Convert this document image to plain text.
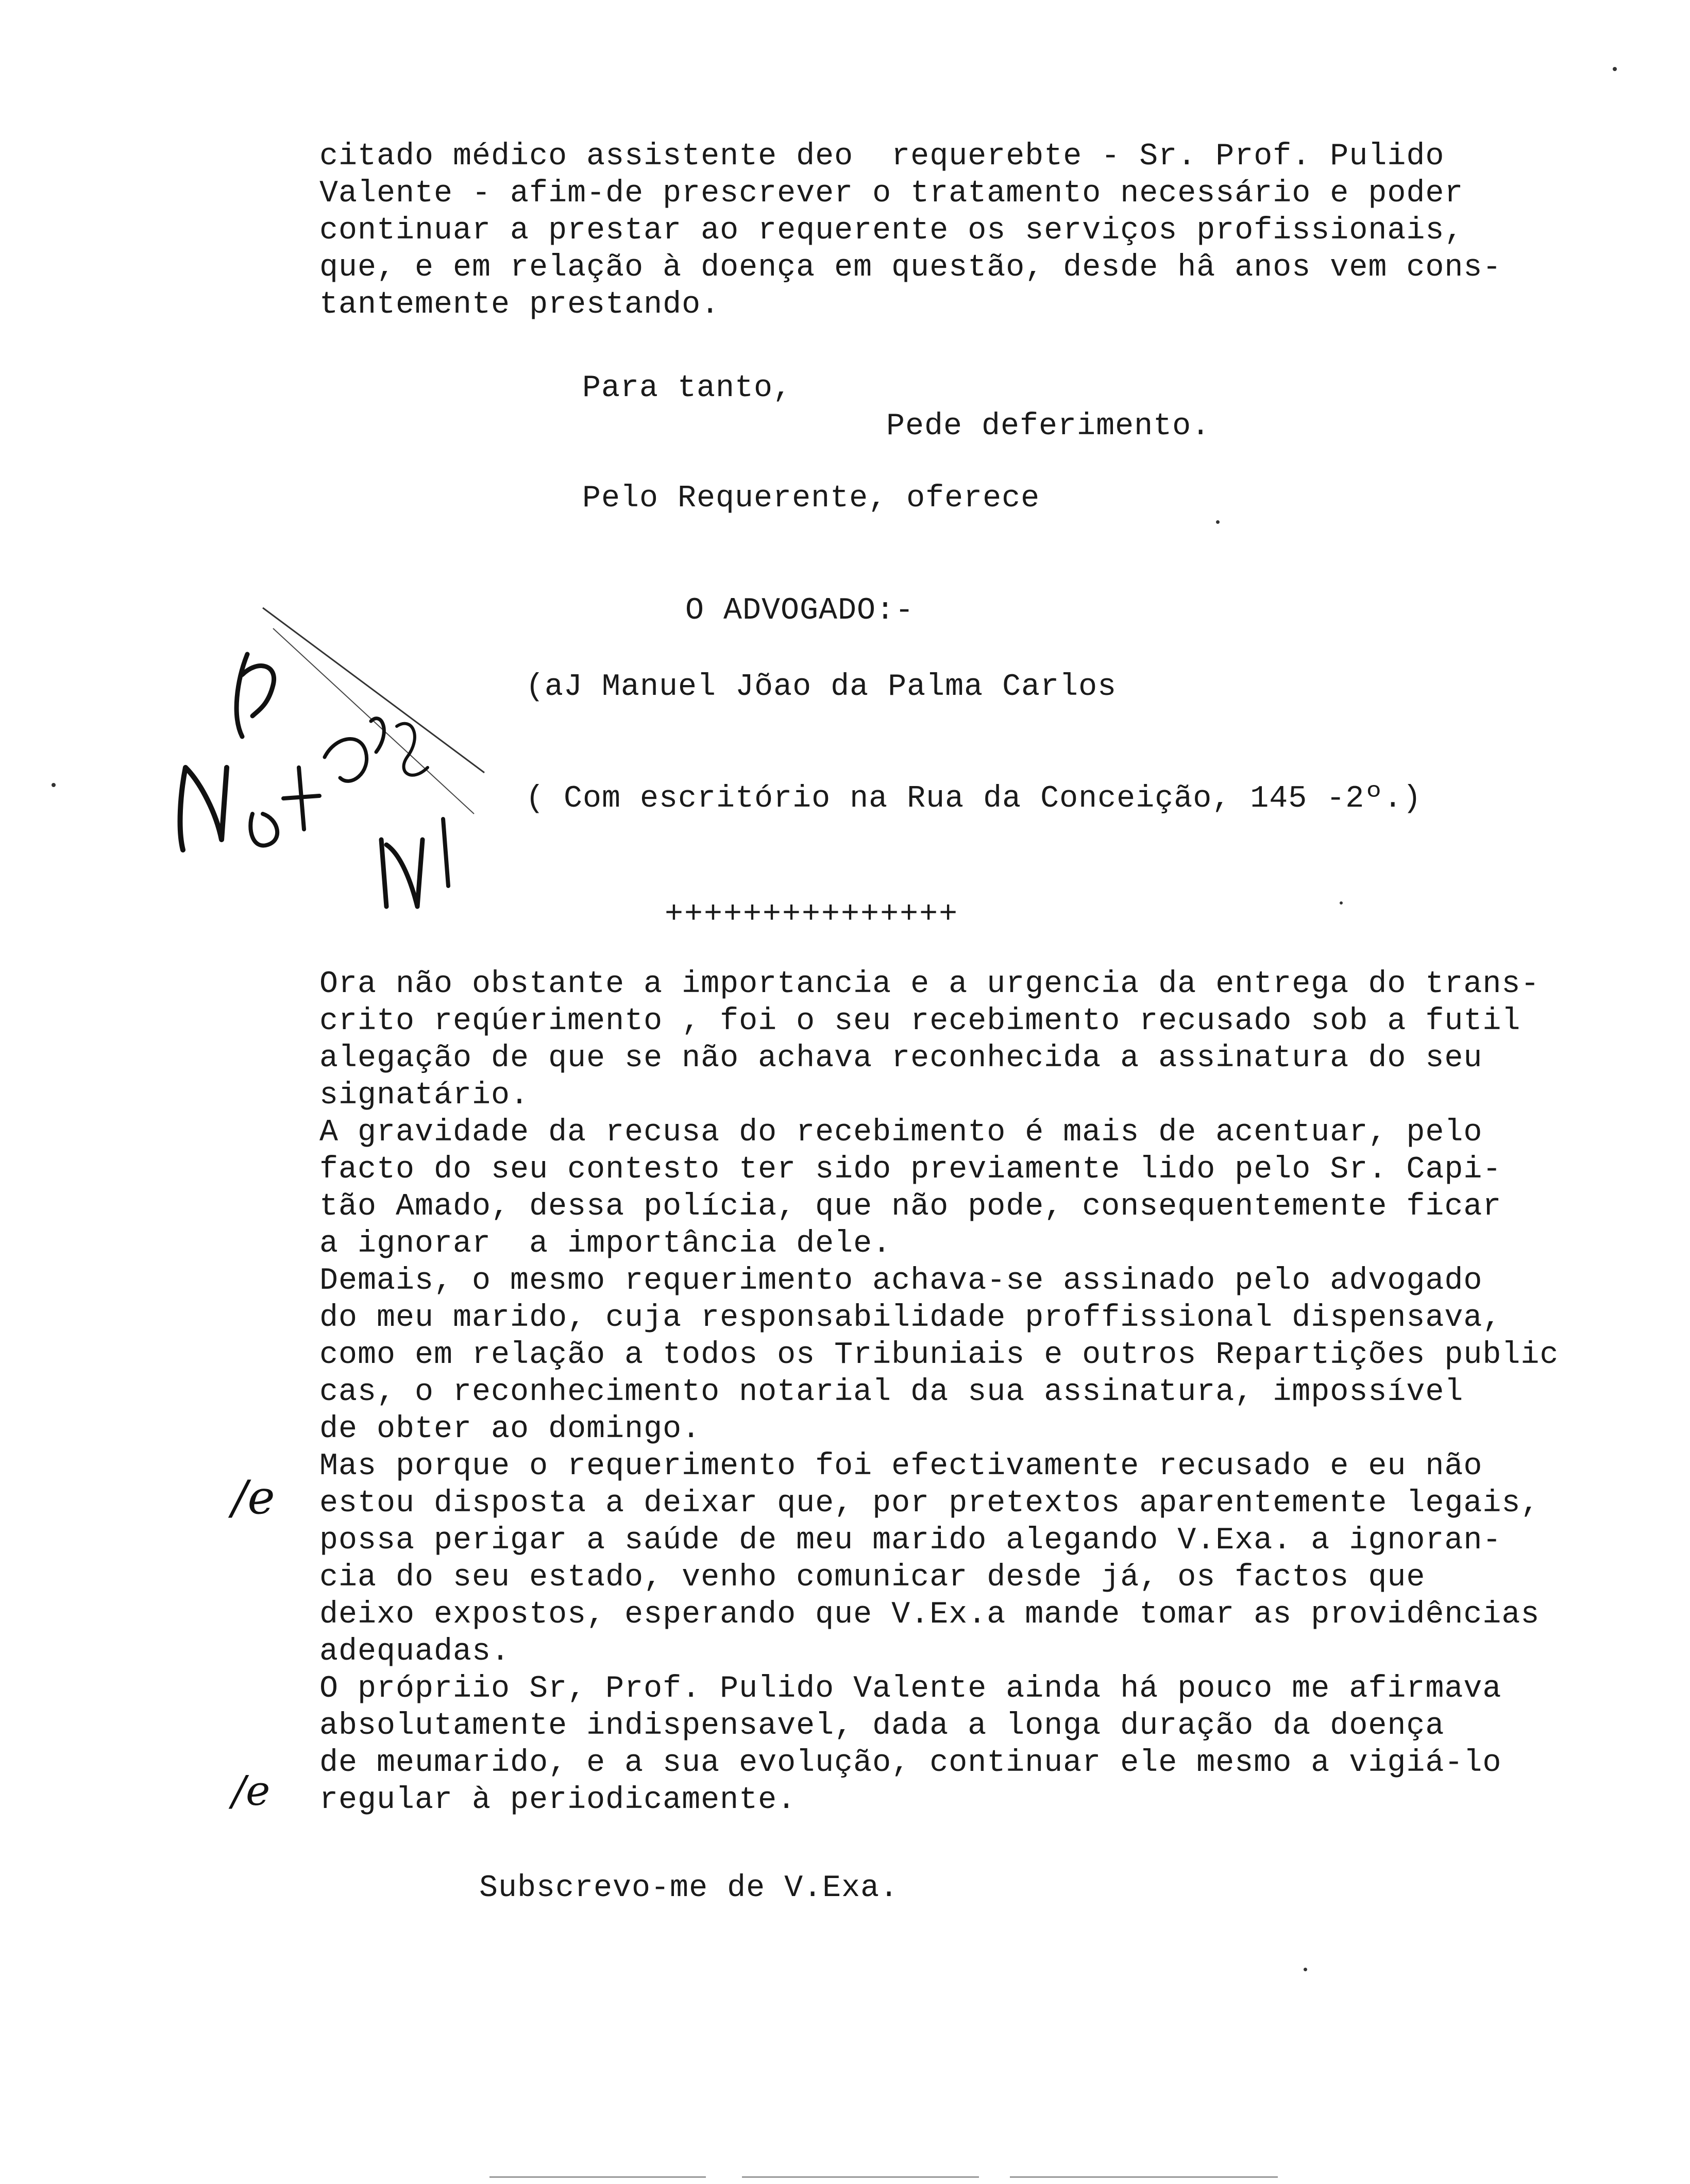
citado médico assistente deo  requerebte - Sr. Prof. Pulido
Valente - afim-de prescrever o tratamento necessário e poder
continuar a prestar ao requerente os serviços profissionais,
que, e em relação à doença em questão, desde hâ anos vem cons-
tantemente prestando.
Para tanto,
Pede deferimento.
Pelo Requerente, oferece
O ADVOGADO:-
(aJ Manuel Jõao da Palma Carlos
( Com escritório na Rua da Conceição, 145 -2º.)
+++++++++++++++
Ora não obstante a importancia e a urgencia da entrega do trans-
crito reqúerimento , foi o seu recebimento recusado sob a futil
alegação de que se não achava reconhecida a assinatura do seu
signatário.
A gravidade da recusa do recebimento é mais de acentuar, pelo
facto do seu contesto ter sido previamente lido pelo Sr. Capi-
tão Amado, dessa polícia, que não pode, consequentemente ficar
a ignorar  a importância dele.
Demais, o mesmo requerimento achava-se assinado pelo advogado
do meu marido, cuja responsabilidade proffissional dispensava,
como em relação a todos os Tribuniais e outros Repartições public
cas, o reconhecimento notarial da sua assinatura, impossível
de obter ao domingo.
Mas porque o requerimento foi efectivamente recusado e eu não
estou disposta a deixar que, por pretextos aparentemente legais,
possa perigar a saúde de meu marido alegando V.Exa. a ignoran-
cia do seu estado, venho comunicar desde já, os factos que
deixo expostos, esperando que V.Ex.a mande tomar as providências
adequadas.
O própriio Sr, Prof. Pulido Valente ainda há pouco me afirmava
absolutamente indispensavel, dada a longa duração da doença
de meumarido, e a sua evolução, continuar ele mesmo a vigiá-lo
regular à periodicamente.
/e
/e
Subscrevo-me de V.Exa.
